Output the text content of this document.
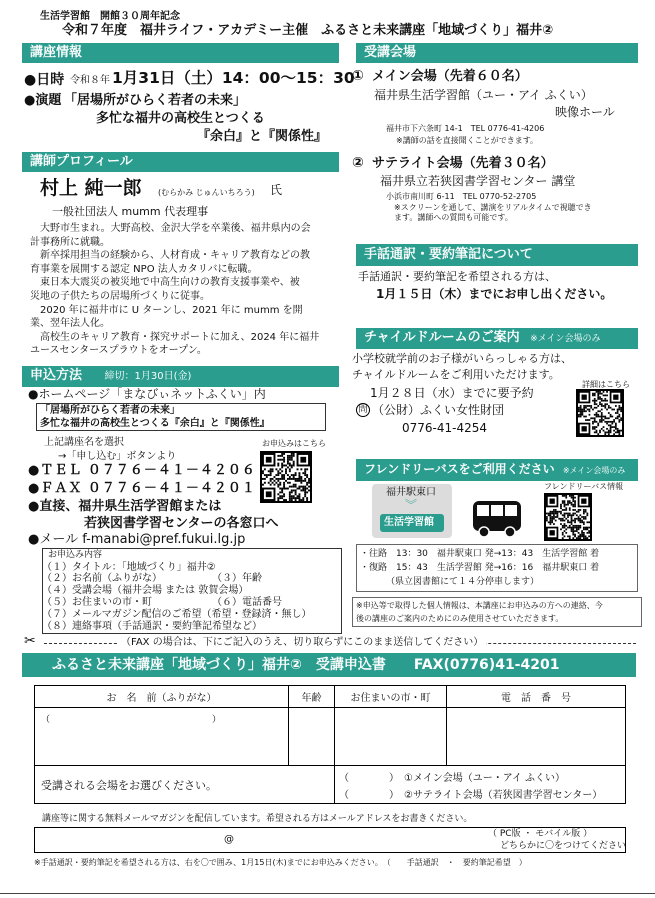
生活学習館　開館３０周年記念
令和７年度　福井ライフ・アカデミー主催　ふるさと未来講座「地域づくり」福井②
講座情報
●日時 令和８年 1月31日（土）14：00～15：30
●演題 「居場所がひらく若者の未来」
多忙な福井の高校生とつくる
『余白』と『関係性』
講師プロフィール
村上 純一郎 (むらかみ じゅんいちろう) 氏
一般社団法人 mumm 代表理事
　大野市生まれ。大野高校、金沢大学を卒業後、福井県内の会
計事務所に就職。
　新卒採用担当の経験から、人材育成・キャリア教育などの教
育事業を展開する認定 NPO 法人カタリバに転職。
　東日本大震災の被災地で中高生向けの教育支援事業や、被
災地の子供たちの居場所づくりに従事。
　2020 年に福井市に U ターンし、2021 年に mumm を開
業、翌年法人化。
　高校生のキャリア教育・探究サポートに加え、2024 年に福井
ユースセンタースプラウトをオープン。
申込方法 締切：1月30日(金)
●ホームページ「まなびぃネットふくい」内
「居場所がひらく若者の未来」
多忙な福井の高校生とつくる『余白』と『関係性』
上記講座名を選択
→「申し込む」ボタンより
お申込みはこちら
●ＴＥＬ ０７７６－４１－４２０６
●ＦＡＸ ０７７６－４１－４２０１
●直接、福井県生活学習館または
若狭図書学習センターの各窓口へ
●メール f-manabi@pref.fukui.lg.jp
お申込み内容
（１）タイトル：「地域づくり」福井②
（２）お名前（ふりがな）	（３）年齢
（４）受講会場（福井会場 または 敦賀会場）
（５）お住まいの市・町	（６）電話番号
（７）メールマガジン配信のご希望（希望・登録済・無し）
（８）連絡事項（手話通訳・要約筆記希望など）
受講会場
① メイン会場（先着６０名）
福井県生活学習館（ユー・アイ ふくい）
映像ホール
福井市下六条町 14-1　TEL 0776-41-4206
※講師の話を直接聞くことができます。
② サテライト会場（先着３０名）
福井県立若狭図書学習センター 講堂
小浜市南川町 6-11　TEL 0770-52-2705
※スクリーンを通して、講演をリアルタイムで視聴でき
ます。講師への質問も可能です。
手話通訳・要約筆記について
手話通訳・要約筆記を希望される方は、
1月１５日（木）までにお申し出ください。
チャイルドルームのご案内 ※メイン会場のみ
小学校就学前のお子様がいらっしゃる方は、
チャイルドルームをご利用いただけます。
1月２８日（水）までに要予約
問 （公財）ふくい女性財団
0776-41-4254
詳細はこちら
フレンドリーバスをご利用ください ※メイン会場のみ
福井駅東口
︾
生活学習館
フレンドリーバス情報
・往路　13：30　福井駅東口 発→13：43　生活学習館 着
・復路　15：43　生活学習館 発→16：16　福井駅東口 着
（県立図書館にて１４分停車します）
※申込等で取得した個人情報は、本講座にお申込みの方への連絡、今
後の講座のご案内のためにのみ使用させていただきます。
✂	（FAX の場合は、下にご記入のうえ、切り取らずにこのまま送信してください）
ふるさと未来講座「地域づくり」福井②　受講申込書　　FAX(0776)41-4201
お　名　前（ふりがな）	年齢	お住まいの市・町	電　話　番　号
（　　　　　　　　　　　　　　　　　　）			
受講される会場をお選びください。		（　　　　）　①メイン会場（ユー・アイ ふくい）
（　　　　）　②サテライト会場（若狭図書学習センター）	
講座等に関する無料メールマガジンを配信しています。希望される方はメールアドレスをお書きください。
@	（ PC版 ・ モバイル版 ）
どちらかに〇をつけてください
※手話通訳・要約筆記を希望される方は、右を〇で囲み、1月15日(木)までにお申込みください。　（　　手話通訳　・　要約筆記希望　）
